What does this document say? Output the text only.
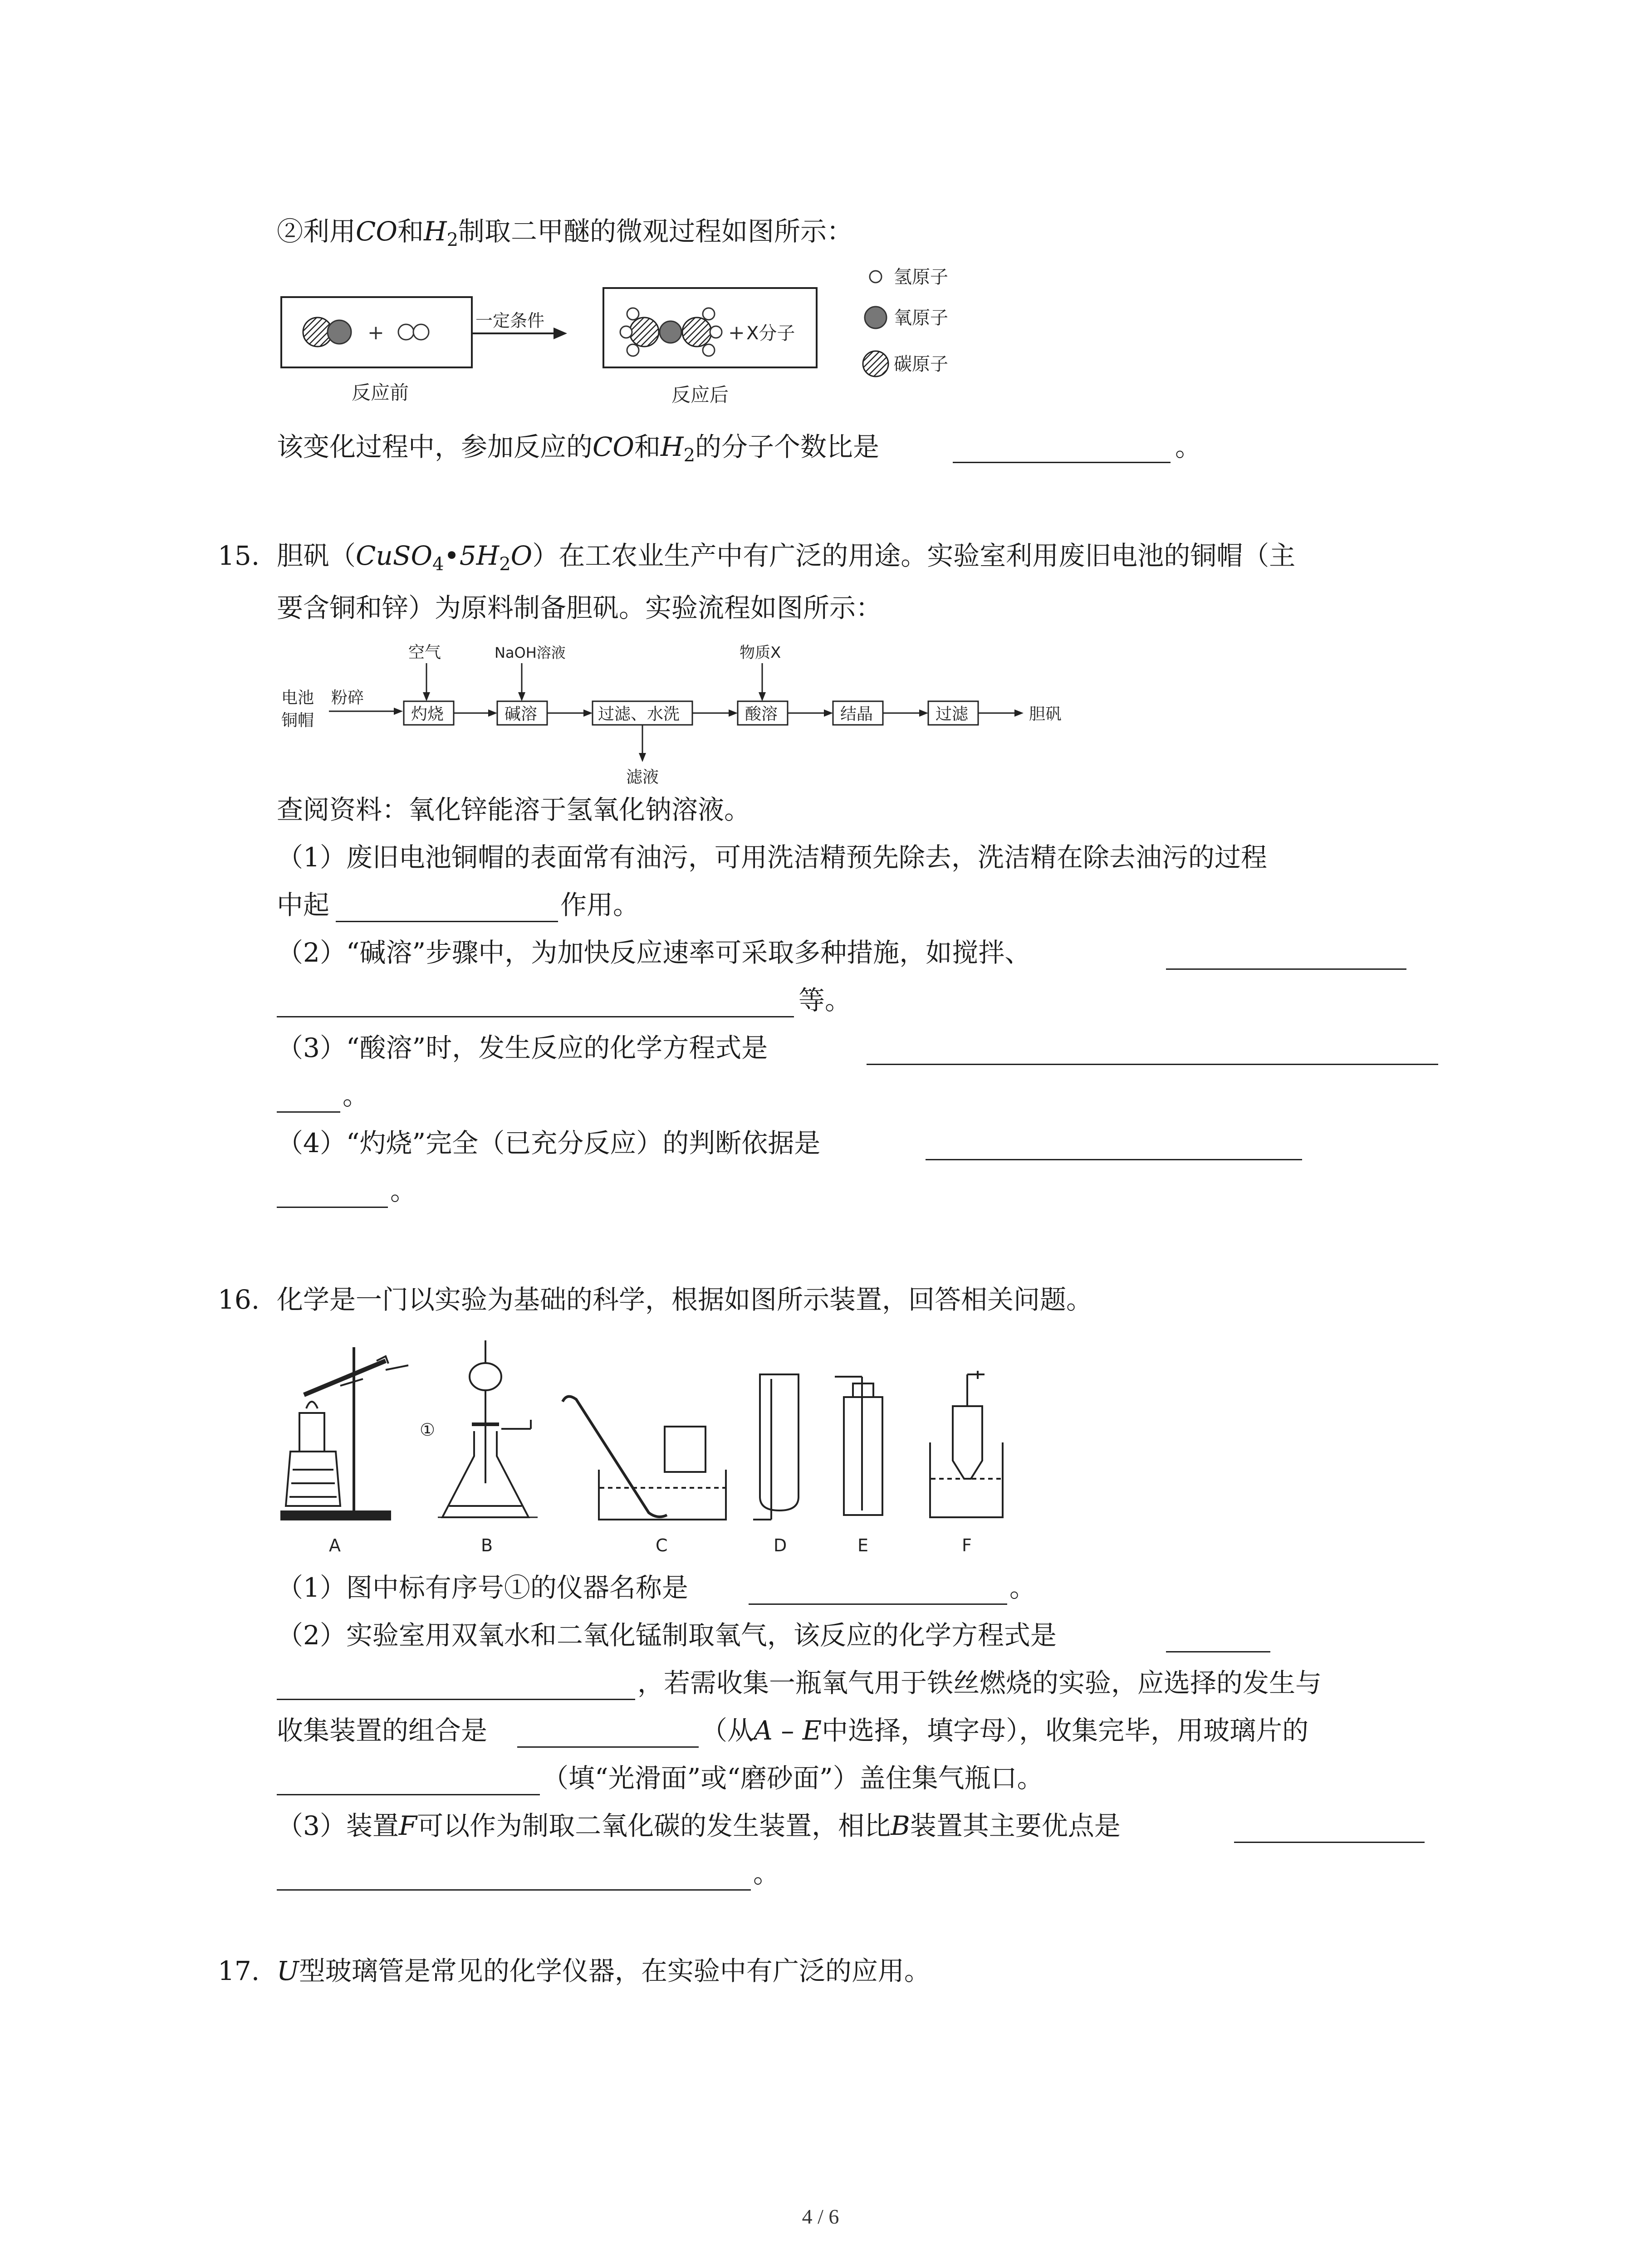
②利用CO和$H_2$制取二甲醚的微观过程如图所示：
+
反应前
一定条件
+ X分子
反应后
氢原子
氧原子
碳原子
该变化过程中，参加反应的CO和$H_2$的分子个数比是	。
15. 胆矾$(CuSO_4•5H_2O)$在工农业生产中有广泛的用途。实验室利用废旧电池的铜帽（主
要含铜和锌）为原料制备胆矾。实验流程如图所示：
电池
铜帽
粉碎
空气
灼烧
NaOH溶液
碱溶	过滤、水洗
滤液
物质X
酸溶	结晶	过滤	胆矾
查阅资料：氧化锌能溶于氢氧化钠溶液。
（1）废旧电池铜帽的表面常有油污，可用洗洁精预先除去，洗洁精在除去油污的过程
中起	作用。
（2）“碱溶”步骤中，为加快反应速率可采取多种措施，如搅拌、
等。
（3）“酸溶”时，发生反应的化学方程式是
。
（4）“灼烧”完全（已充分反应）的判断依据是
。
16. 化学是一门以实验为基础的科学，根据如图所示装置，回答相关问题。
①
A	B	C	D	E	F
（1）图中标有序号①的仪器名称是	。
（2）实验室用双氧水和二氧化锰制取氧气，该反应的化学方程式是
，若需收集一瓶氧气用于铁丝燃烧的实验，应选择的发生与
收集装置的组合是	（从A – E中选择，填字母），收集完毕，用玻璃片的
（填“光滑面”或“磨砂面”）盖住集气瓶口。
（3）装置F可以作为制取二氧化碳的发生装置，相比B装置其主要优点是
。
17. U型玻璃管是常见的化学仪器，在实验中有广泛的应用。
4 / 6
